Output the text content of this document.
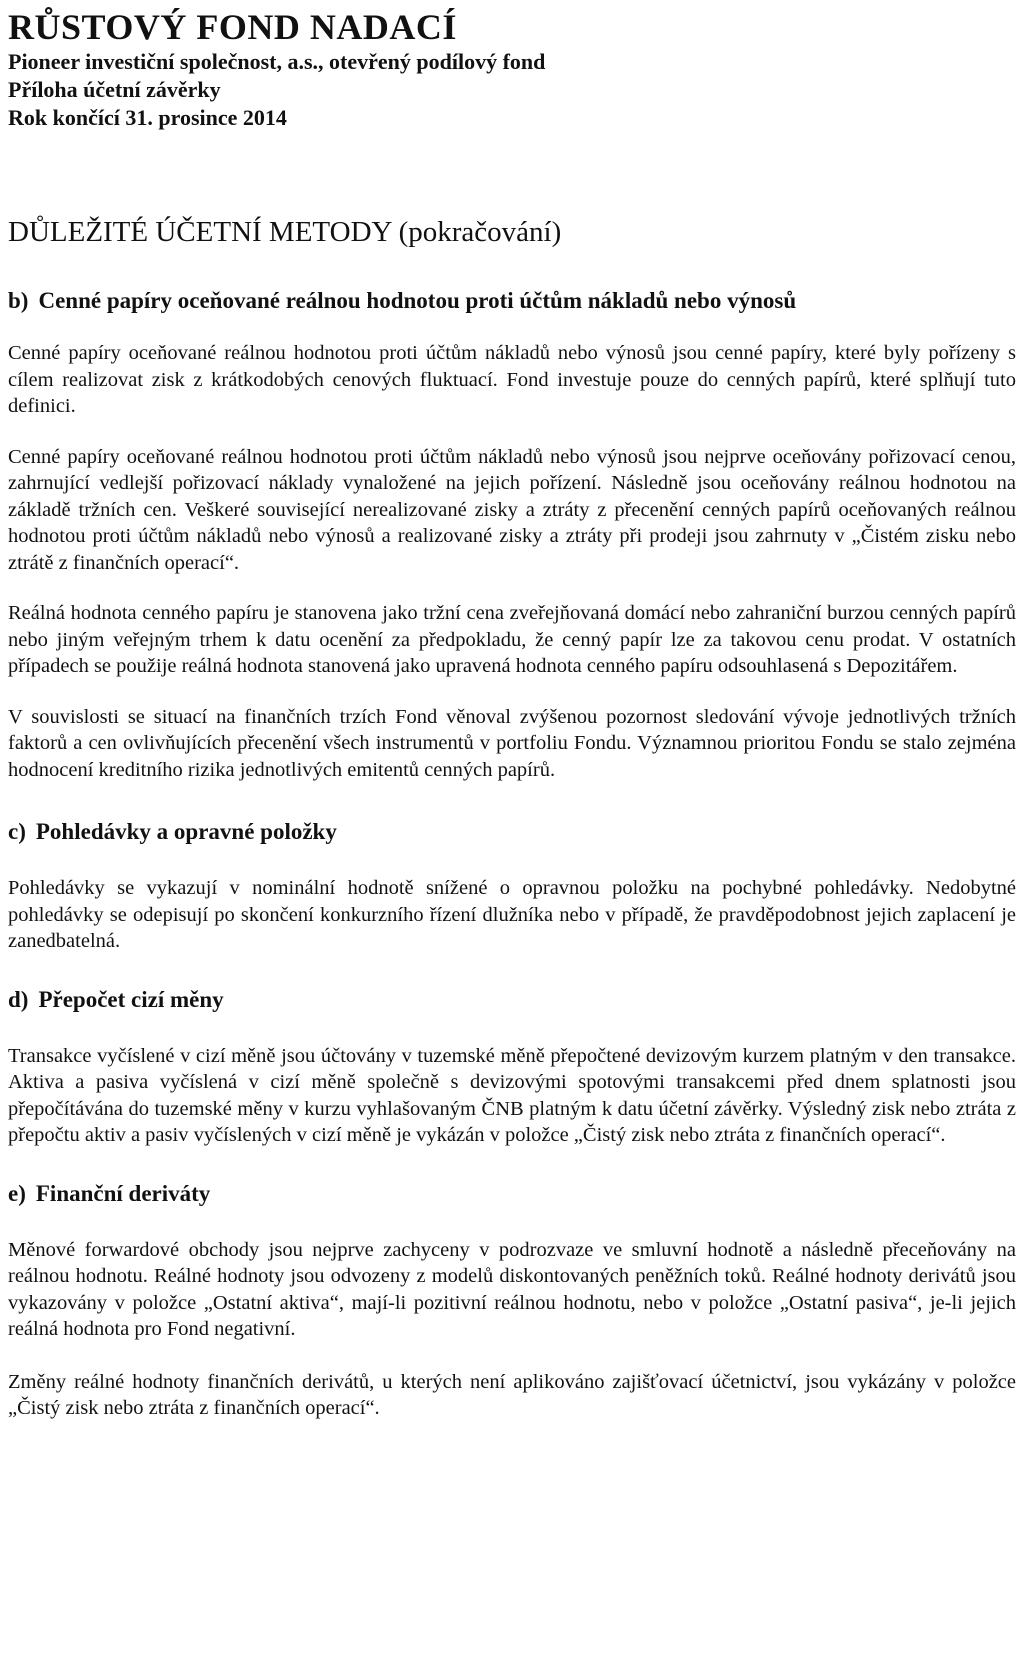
RŮSTOVÝ FOND NADACÍ

Pioneer investiční společnost, a.s., otevřený podílový fond

Příloha účetní závěrky

Rok končící 31. prosince 2014

DŮLEŽITÉ ÚČETNÍ METODY (pokračování)

b) Cenné papíry oceňované reálnou hodnotou proti účtům nákladů nebo výnosů

Cenné papíry oceňované reálnou hodnotou proti účtům nákladů nebo výnosů jsou cenné papíry, které byly pořízeny s cílem realizovat zisk z krátkodobých cenových fluktuací. Fond investuje pouze do cenných papírů, které splňují tuto definici.

Cenné papíry oceňované reálnou hodnotou proti účtům nákladů nebo výnosů jsou nejprve oceňovány pořizovací cenou, zahrnující vedlejší pořizovací náklady vynaložené na jejich pořízení. Následně jsou oceňovány reálnou hodnotou na základě tržních cen. Veškeré související nerealizované zisky a ztráty z přecenění cenných papírů oceňovaných reálnou hodnotou proti účtům nákladů nebo výnosů a realizované zisky a ztráty při prodeji jsou zahrnuty v „Čistém zisku nebo ztrátě z finančních operací“.

Reálná hodnota cenného papíru je stanovena jako tržní cena zveřejňovaná domácí nebo zahraniční burzou cenných papírů nebo jiným veřejným trhem k datu ocenění za předpokladu, že cenný papír lze za takovou cenu prodat. V ostatních případech se použije reálná hodnota stanovená jako upravená hodnota cenného papíru odsouhlasená s Depozitářem.

V souvislosti se situací na finančních trzích Fond věnoval zvýšenou pozornost sledování vývoje jednotlivých tržních faktorů a cen ovlivňujících přecenění všech instrumentů v portfoliu Fondu. Významnou prioritou Fondu se stalo zejména hodnocení kreditního rizika jednotlivých emitentů cenných papírů.

c) Pohledávky a opravné položky

Pohledávky se vykazují v nominální hodnotě snížené o opravnou položku na pochybné pohledávky. Nedobytné pohledávky se odepisují po skončení konkurzního řízení dlužníka nebo v případě, že pravděpodobnost jejich zaplacení je zanedbatelná.

d) Přepočet cizí měny

Transakce vyčíslené v cizí měně jsou účtovány v tuzemské měně přepočtené devizovým kurzem platným v den transakce. Aktiva a pasiva vyčíslená v cizí měně společně s devizovými spotovými transakcemi před dnem splatnosti jsou přepočítávána do tuzemské měny v kurzu vyhlašovaným ČNB platným k datu účetní závěrky. Výsledný zisk nebo ztráta z přepočtu aktiv a pasiv vyčíslených v cizí měně je vykázán v položce „Čistý zisk nebo ztráta z finančních operací“.

e) Finanční deriváty

Měnové forwardové obchody jsou nejprve zachyceny v podrozvaze ve smluvní hodnotě a následně přeceňovány na reálnou hodnotu. Reálné hodnoty jsou odvozeny z modelů diskontovaných peněžních toků. Reálné hodnoty derivátů jsou vykazovány v položce „Ostatní aktiva“, mají-li pozitivní reálnou hodnotu, nebo v položce „Ostatní pasiva“, je-li jejich reálná hodnota pro Fond negativní.

Změny reálné hodnoty finančních derivátů, u kterých není aplikováno zajišťovací účetnictví, jsou vykázány v položce „Čistý zisk nebo ztráta z finančních operací“.
